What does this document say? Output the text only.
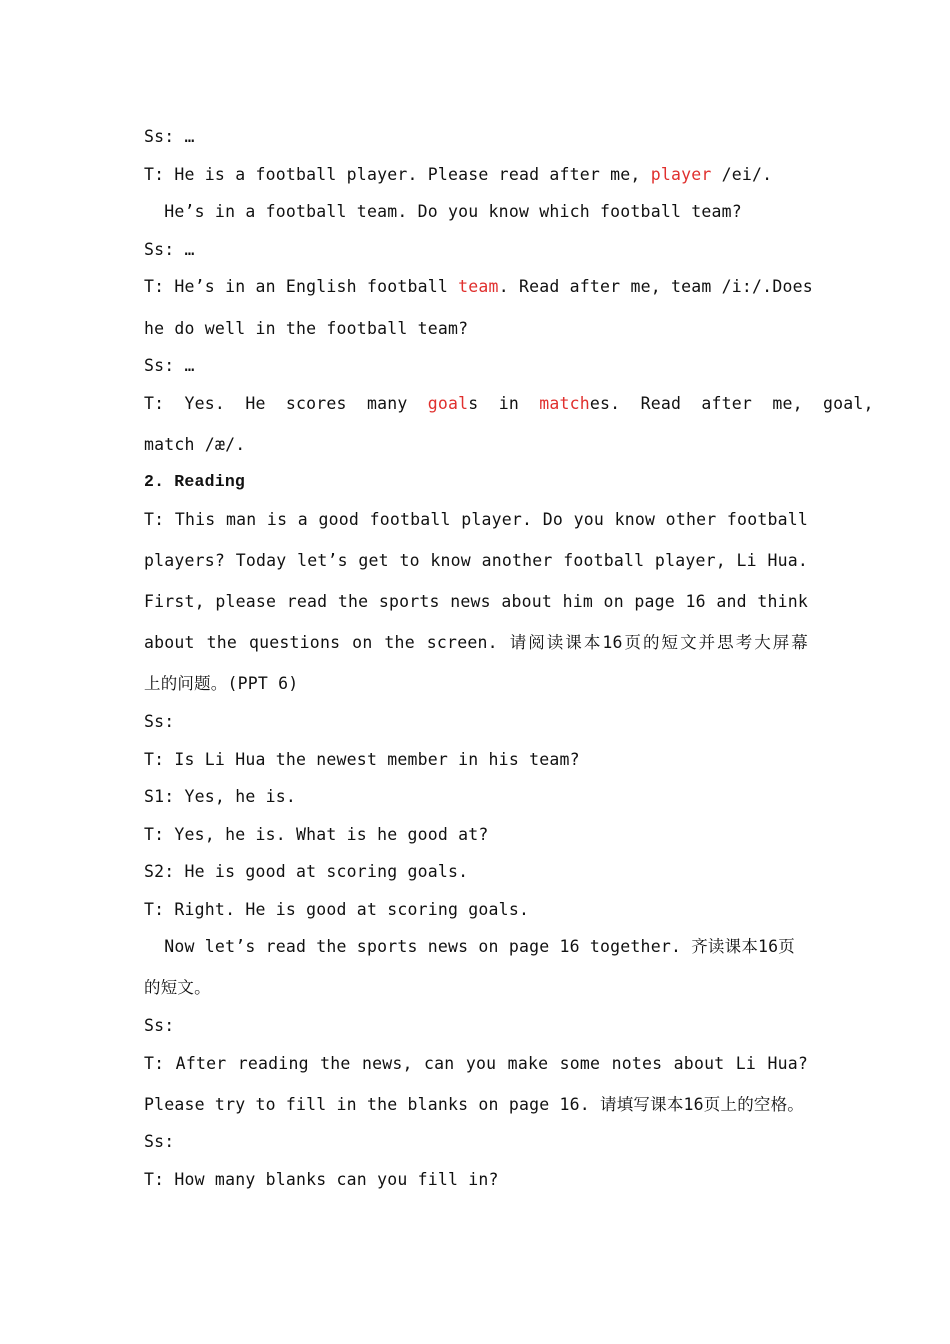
Ss: …
T: He is a football player. Please read after me, player /ei/.
He’s in a football team. Do you know which football team?
Ss: …
T: He’s in an English football team. Read after me, team /i:/.Does
he do well in the football team?
Ss: …
T:  Yes.  He  scores  many  goals  in  matches.  Read  after  me,  goal,
match /æ/.
2. Reading
T: This man is a good football player. Do you know other football
players? Today let’s get to know another football player, Li Hua.
First, please read the sports news about him on page 16 and think
about the questions on the screen. 请阅读课本16页的短文并思考大屏幕
上的问题。(PPT 6)
Ss:
T: Is Li Hua the newest member in his team?
S1: Yes, he is.
T: Yes, he is. What is he good at?
S2: He is good at scoring goals.
T: Right. He is good at scoring goals.
Now let’s read the sports news on page 16 together. 齐读课本16页
的短文。
Ss:
T: After reading the news, can you make some notes about Li Hua?
Please try to fill in the blanks on page 16. 请填写课本16页上的空格。
Ss:
T: How many blanks can you fill in?
